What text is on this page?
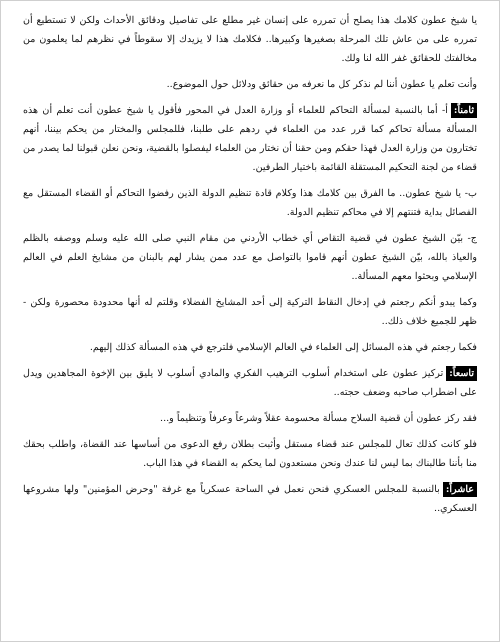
يا شيخ عطون كلامك هذا يصلح أن تمرره على إنسان غير مطلع على تفاصيل ودقائق الأحداث ولكن لا تستطيع أن تمرره على من عاش تلك المرحلة بصغيرها وكبيرها.. فكلامك هذا لا يزيدك إلا سقوطاً في نظرهم لما يعلمون من مخالفتك للحقائق غفر الله لنا ولك.

وأنت تعلم يا عطون أننا لم نذكر كل ما نعرفه من حقائق ودلائل حول الموضوع..

ثامناً:أ- أما بالنسبة لمسألة التحاكم للعلماء أو وزارة العدل في المحور فأقول يا شيخ عطون أنت تعلم أن هذه المسألة مسألة تحاكم كما قرر عدد من العلماء في ردهم على طلبنا، فللمجلس والمختار من يحكم بيننا، أنهم تختارون من وزارة العدل فهذا حقكم ومن حقنا أن نختار من العلماء ليفصلوا بالقضية، ونحن نعلن قبولنا لما يصدر من قضاء من لجنة التحكيم المستقلة القائمة باختيار الطرفين.

ب- يا شيخ عطون.. ما الفرق بين كلامك هذا وكلام قادة تنظيم الدولة الذين رفضوا التحاكم أو القضاء المستقل مع الفصائل بداية فتنتهم إلا في محاكم تنظيم الدولة.

ج- بيّن الشيخ عطون في قضية التقاص أي خطاب الأردني من مقام النبي صلى الله عليه وسلم ووصفه بالظلم والعياذ بالله، بيّن الشيخ عطون أنهم قاموا بالتواصل مع عدد ممن يشار لهم بالبنان من مشايخ العلم في العالم الإسلامي وبحثوا معهم المسألة..

وكما يبدو أنكم رجعتم في إدخال النقاط التركية إلى أحد المشايخ الفضلاء وقلتم له أنها محدودة محصورة ولكن - ظهر للجميع خلاف ذلك..

فكما رجعتم في هذه المسائل إلى العلماء في العالم الإسلامي فلترجع في هذه المسألة كذلك إليهم.

تاسعاً:تركيز عطون على استخدام أسلوب الترهيب الفكري والمادي أسلوب لا يليق بين الإخوة المجاهدين ويدل على اضطراب صاحبه وضعف حجته..

فقد ركز عطون أن قضية السلاح مسألة محسومة عقلاً وشرعاً وعرفاً وتنظيماً و...

فلو كانت كذلك تعال للمجلس عند قضاء مستقل وأثبت بطلان رفع الدعوى من أساسها عند القضاة، واطلب بحقك منا بأننا طالبناك بما ليس لنا عندك ونحن مستعدون لما يحكم به القضاء في هذا الباب.

عاشراً:بالنسبة للمجلس العسكري فنحن نعمل في الساحة عسكرياً مع غرفة "وحرض المؤمنين" ولها مشروعها العسكري..
